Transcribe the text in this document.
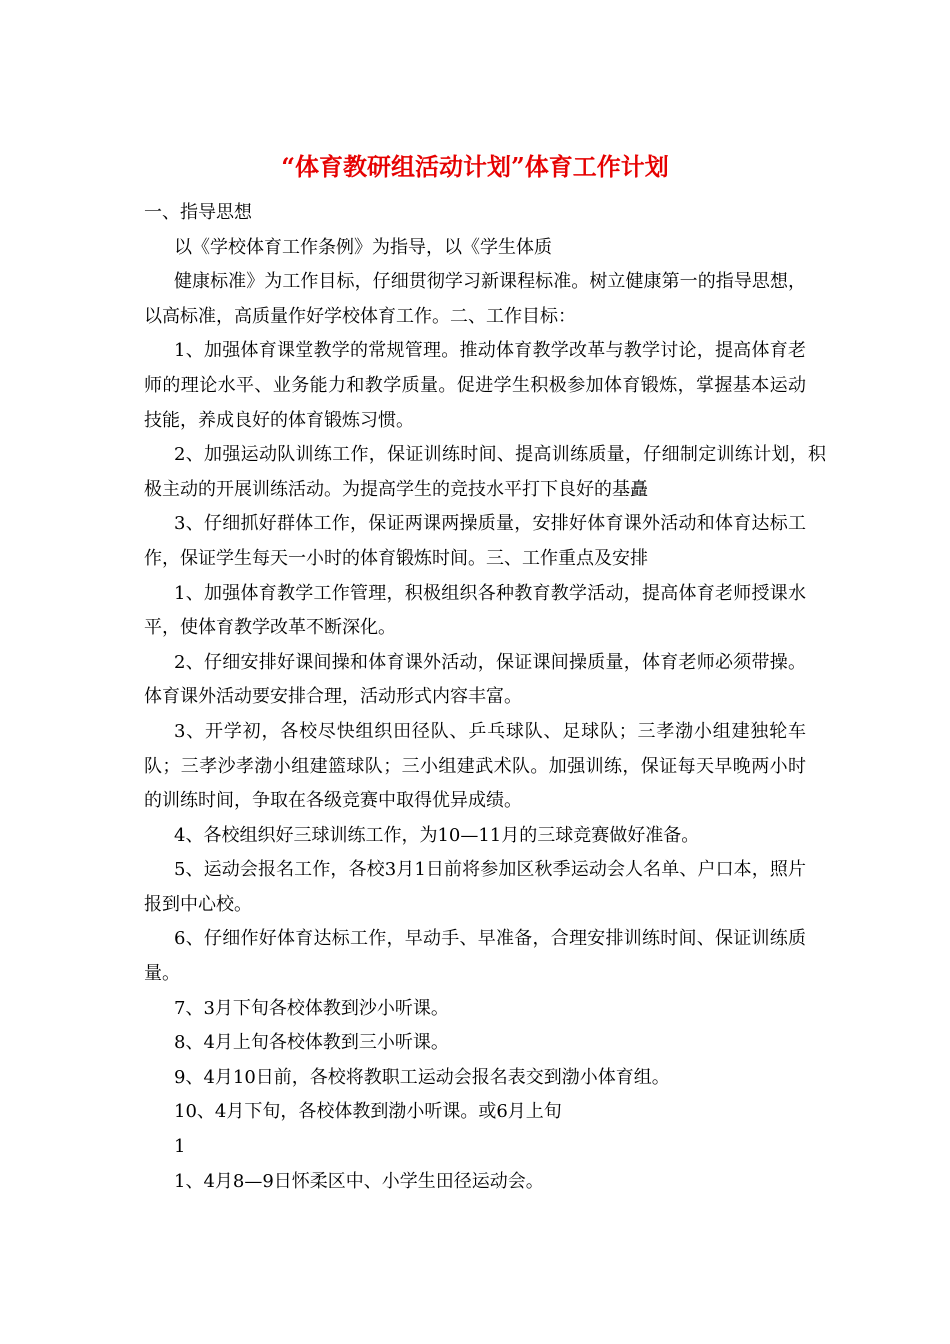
“体育教研组活动计划”体育工作计划

一、指导思想

以《学校体育工作条例》为指导，以《学生体质

健康标准》为工作目标，仔细贯彻学习新课程标准。树立健康第一的指导思想，以高标准，高质量作好学校体育工作。二、工作目标：

1、加强体育课堂教学的常规管理。推动体育教学改革与教学讨论，提高体育老师的理论水平、业务能力和教学质量。促进学生积极参加体育锻炼，掌握基本运动技能，养成良好的体育锻炼习惯。

2、加强运动队训练工作，保证训练时间、提高训练质量，仔细制定训练计划，积极主动的开展训练活动。为提高学生的竞技水平打下良好的基矗

3、仔细抓好群体工作，保证两课两操质量，安排好体育课外活动和体育达标工作，保证学生每天一小时的体育锻炼时间。三、工作重点及安排

1、加强体育教学工作管理，积极组织各种教育教学活动，提高体育老师授课水平，使体育教学改革不断深化。

2、仔细安排好课间操和体育课外活动，保证课间操质量，体育老师必须带操。体育课外活动要安排合理，活动形式内容丰富。

3、开学初，各校尽快组织田径队、乒乓球队、足球队；三孝渤小组建独轮车队；三孝沙孝渤小组建篮球队；三小组建武术队。加强训练，保证每天早晚两小时的训练时间，争取在各级竞赛中取得优异成绩。

4、各校组织好三球训练工作，为10—11月的三球竞赛做好准备。

5、运动会报名工作，各校3月1日前将参加区秋季运动会人名单、户口本，照片报到中心校。

6、仔细作好体育达标工作，早动手、早准备，合理安排训练时间、保证训练质量。

7、3月下旬各校体教到沙小听课。

8、4月上旬各校体教到三小听课。

9、4月10日前，各校将教职工运动会报名表交到渤小体育组。

10、4月下旬，各校体教到渤小听课。或6月上旬

1

1、4月8—9日怀柔区中、小学生田径运动会。
